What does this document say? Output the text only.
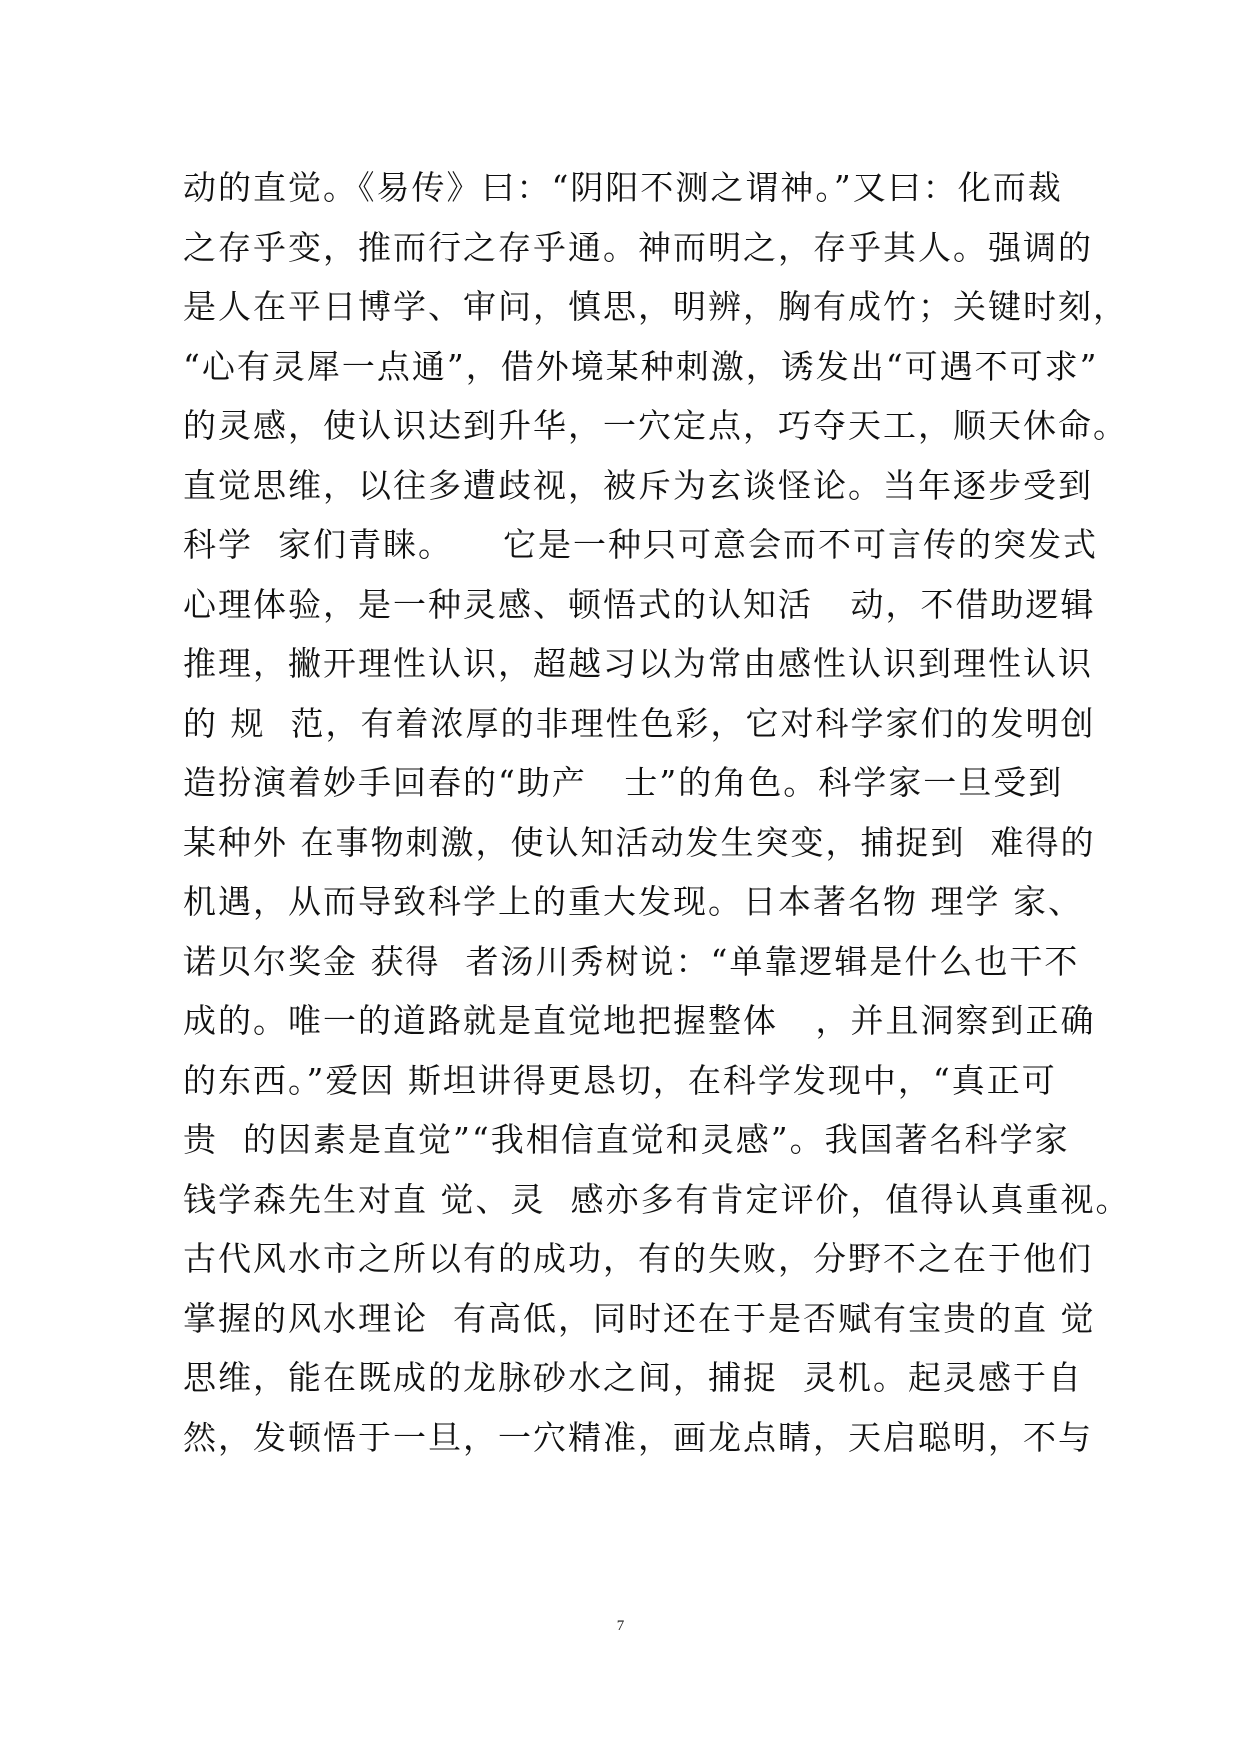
动的直觉。《易传》曰：“阴阳不测之谓神。”又曰：化而裁
之存乎变，推而行之存乎通。神而明之，存乎其人。强调的
是人在平日博学、审问，慎思，明辨，胸有成竹；关键时刻，
“心有灵犀一点通”，借外境某种刺激，诱发出“可遇不可求”
的灵感，使认识达到升华，一穴定点，巧夺天工，顺天休命。
直觉思维，以往多遭歧视，被斥为玄谈怪论。当年逐步受到
科学  家们青睐。    它是一种只可意会而不可言传的突发式
心理体验，是一种灵感、顿悟式的认知活   动，不借助逻辑
推理，撇开理性认识，超越习以为常由感性认识到理性认识
的 规  范，有着浓厚的非理性色彩，它对科学家们的发明创
造扮演着妙手回春的“助产   士”的角色。科学家一旦受到
某种外 在事物刺激，使认知活动发生突变，捕捉到  难得的
机遇，从而导致科学上的重大发现。日本著名物 理学 家、
诺贝尔奖金 获得  者汤川秀树说：“单靠逻辑是什么也干不
成的。唯一的道路就是直觉地把握整体   ，并且洞察到正确
的东西。”爱因 斯坦讲得更恳切，在科学发现中，“真正可
贵  的因素是直觉”“我相信直觉和灵感”。我国著名科学家
钱学森先生对直 觉、灵  感亦多有肯定评价，值得认真重视。
古代风水市之所以有的成功，有的失败，分野不之在于他们
掌握的风水理论  有高低，同时还在于是否赋有宝贵的直 觉
思维，能在既成的龙脉砂水之间，捕捉  灵机。起灵感于自
然，发顿悟于一旦，一穴精准，画龙点睛，天启聪明，不与
7
